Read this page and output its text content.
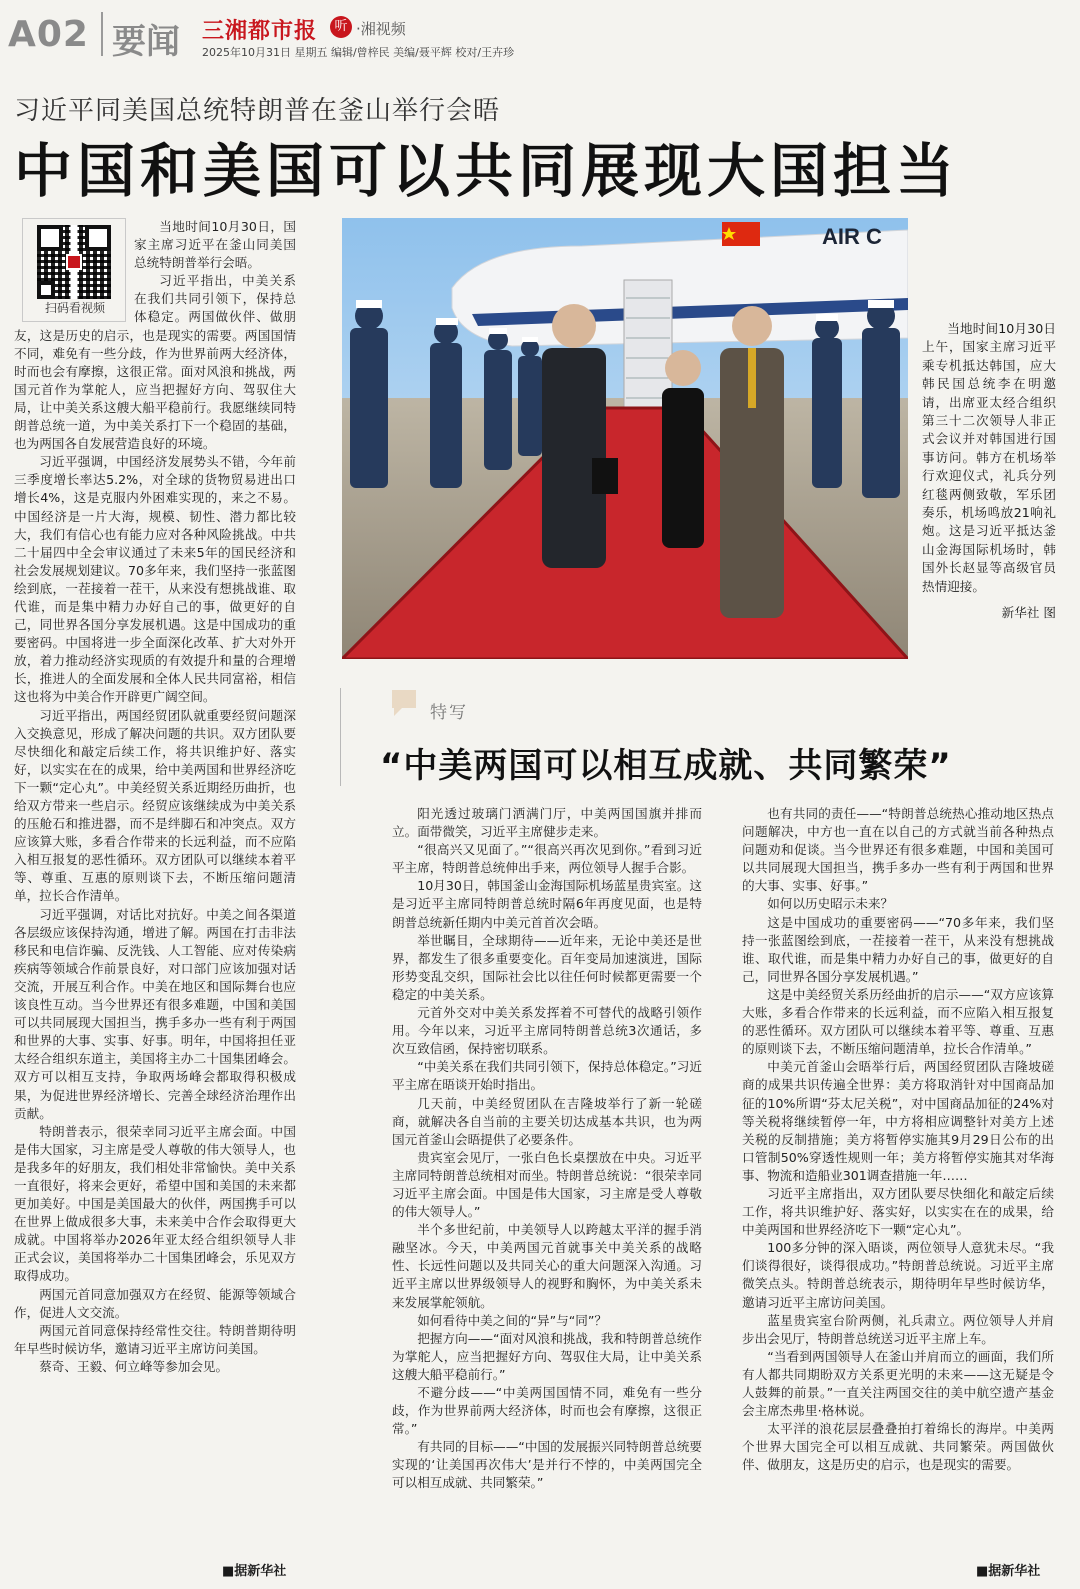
A02 要闻 三湘都市报	听 ·湘视频
2025年10月31日 星期五 编辑/曾梓民 美编/聂平辉 校对/王卉珍
习近平同美国总统特朗普在釜山举行会晤
中国和美国可以共同展现大国担当
扫码看视频

当地时间10月30日，国家主席习近平在釜山同美国总统特朗普举行会晤。

习近平指出，中美关系在我们共同引领下，保持总体稳定。两国做伙伴、做朋友，这是历史的启示，也是现实的需要。两国国情不同，难免有一些分歧，作为世界前两大经济体，时而也会有摩擦，这很正常。面对风浪和挑战，两国元首作为掌舵人，应当把握好方向、驾驭住大局，让中美关系这艘大船平稳前行。我愿继续同特朗普总统一道，为中美关系打下一个稳固的基础，也为两国各自发展营造良好的环境。

习近平强调，中国经济发展势头不错，今年前三季度增长率达5.2%，对全球的货物贸易进出口增长4%，这是克服内外困难实现的，来之不易。中国经济是一片大海，规模、韧性、潜力都比较大，我们有信心也有能力应对各种风险挑战。中共二十届四中全会审议通过了未来5年的国民经济和社会发展规划建议。70多年来，我们坚持一张蓝图绘到底，一茬接着一茬干，从来没有想挑战谁、取代谁，而是集中精力办好自己的事，做更好的自己，同世界各国分享发展机遇。这是中国成功的重要密码。中国将进一步全面深化改革、扩大对外开放，着力推动经济实现质的有效提升和量的合理增长，推进人的全面发展和全体人民共同富裕，相信这也将为中美合作开辟更广阔空间。

习近平指出，两国经贸团队就重要经贸问题深入交换意见，形成了解决问题的共识。双方团队要尽快细化和敲定后续工作，将共识维护好、落实好，以实实在在的成果，给中美两国和世界经济吃下一颗“定心丸”。中美经贸关系近期经历曲折，也给双方带来一些启示。经贸应该继续成为中美关系的压舱石和推进器，而不是绊脚石和冲突点。双方应该算大账，多看合作带来的长远利益，而不应陷入相互报复的恶性循环。双方团队可以继续本着平等、尊重、互惠的原则谈下去，不断压缩问题清单，拉长合作清单。

习近平强调，对话比对抗好。中美之间各渠道各层级应该保持沟通，增进了解。两国在打击非法移民和电信诈骗、反洗钱、人工智能、应对传染病疾病等领域合作前景良好，对口部门应该加强对话交流，开展互利合作。中美在地区和国际舞台也应该良性互动。当今世界还有很多难题，中国和美国可以共同展现大国担当，携手多办一些有利于两国和世界的大事、实事、好事。明年，中国将担任亚太经合组织东道主，美国将主办二十国集团峰会。双方可以相互支持，争取两场峰会都取得积极成果，为促进世界经济增长、完善全球经济治理作出贡献。

特朗普表示，很荣幸同习近平主席会面。中国是伟大国家，习主席是受人尊敬的伟大领导人，也是我多年的好朋友，我们相处非常愉快。美中关系一直很好，将来会更好，希望中国和美国的未来都更加美好。中国是美国最大的伙伴，两国携手可以在世界上做成很多大事，未来美中合作会取得更大成就。中国将举办2026年亚太经合组织领导人非正式会议，美国将举办二十国集团峰会，乐见双方取得成功。

两国元首同意加强双方在经贸、能源等领域合作，促进人文交流。

两国元首同意保持经常性交往。特朗普期待明年早些时候访华，邀请习近平主席访问美国。

蔡奇、王毅、何立峰等参加会见。

■据新华社
AIR C

当地时间10月30日上午，国家主席习近平乘专机抵达韩国，应大韩民国总统李在明邀请，出席亚太经合组织第三十二次领导人非正式会议并对韩国进行国事访问。韩方在机场举行欢迎仪式，礼兵分列红毯两侧致敬，军乐团奏乐，机场鸣放21响礼炮。这是习近平抵达釜山金海国际机场时，韩国外长赵显等高级官员热情迎接。

新华社 图

特写
“中美两国可以相互成就、共同繁荣”

阳光透过玻璃门洒满门厅，中美两国国旗并排而立。面带微笑，习近平主席健步走来。

“很高兴又见面了。”“很高兴再次见到你。”看到习近平主席，特朗普总统伸出手来，两位领导人握手合影。

10月30日，韩国釜山金海国际机场蓝星贵宾室。这是习近平主席同特朗普总统时隔6年再度见面，也是特朗普总统新任期内中美元首首次会晤。

举世瞩目，全球期待——近年来，无论中美还是世界，都发生了很多重要变化。百年变局加速演进，国际形势变乱交织，国际社会比以往任何时候都更需要一个稳定的中美关系。

元首外交对中美关系发挥着不可替代的战略引领作用。今年以来，习近平主席同特朗普总统3次通话，多次互致信函，保持密切联系。

“中美关系在我们共同引领下，保持总体稳定。”习近平主席在晤谈开始时指出。

几天前，中美经贸团队在吉隆坡举行了新一轮磋商，就解决各自当前的主要关切达成基本共识，也为两国元首釜山会晤提供了必要条件。

贵宾室会见厅，一张白色长桌摆放在中央。习近平主席同特朗普总统相对而坐。特朗普总统说：“很荣幸同习近平主席会面。中国是伟大国家，习主席是受人尊敬的伟大领导人。”

半个多世纪前，中美领导人以跨越太平洋的握手消融坚冰。今天，中美两国元首就事关中美关系的战略性、长远性问题以及共同关心的重大问题深入沟通。习近平主席以世界级领导人的视野和胸怀，为中美关系未来发展掌舵领航。

如何看待中美之间的“异”与“同”？

把握方向——“面对风浪和挑战，我和特朗普总统作为掌舵人，应当把握好方向、驾驭住大局，让中美关系这艘大船平稳前行。”

不避分歧——“中美两国国情不同，难免有一些分歧，作为世界前两大经济体，时而也会有摩擦，这很正常。”

有共同的目标——“中国的发展振兴同特朗普总统要实现的‘让美国再次伟大’是并行不悖的，中美两国完全可以相互成就、共同繁荣。”

也有共同的责任——“特朗普总统热心推动地区热点问题解决，中方也一直在以自己的方式就当前各种热点问题劝和促谈。当今世界还有很多难题，中国和美国可以共同展现大国担当，携手多办一些有利于两国和世界的大事、实事、好事。”

如何以历史昭示未来？

这是中国成功的重要密码——“70多年来，我们坚持一张蓝图绘到底，一茬接着一茬干，从来没有想挑战谁、取代谁，而是集中精力办好自己的事，做更好的自己，同世界各国分享发展机遇。”

这是中美经贸关系历经曲折的启示——“双方应该算大账，多看合作带来的长远利益，而不应陷入相互报复的恶性循环。双方团队可以继续本着平等、尊重、互惠的原则谈下去，不断压缩问题清单，拉长合作清单。”

中美元首釜山会晤举行后，两国经贸团队吉隆坡磋商的成果共识传遍全世界：美方将取消针对中国商品加征的10%所谓“芬太尼关税”，对中国商品加征的24%对等关税将继续暂停一年，中方将相应调整针对美方上述关税的反制措施；美方将暂停实施其9月29日公布的出口管制50%穿透性规则一年；美方将暂停实施其对华海事、物流和造船业301调查措施一年……

习近平主席指出，双方团队要尽快细化和敲定后续工作，将共识维护好、落实好，以实实在在的成果，给中美两国和世界经济吃下一颗“定心丸”。

100多分钟的深入晤谈，两位领导人意犹未尽。“我们谈得很好，谈得很成功。”特朗普总统说。习近平主席微笑点头。特朗普总统表示，期待明年早些时候访华，邀请习近平主席访问美国。

蓝星贵宾室台阶两侧，礼兵肃立。两位领导人并肩步出会见厅，特朗普总统送习近平主席上车。

“当看到两国领导人在釜山并肩而立的画面，我们所有人都共同期盼双方关系更光明的未来——这无疑是令人鼓舞的前景。”一直关注两国交往的美中航空遗产基金会主席杰弗里·格林说。

太平洋的浪花层层叠叠拍打着绵长的海岸。中美两个世界大国完全可以相互成就、共同繁荣。两国做伙伴、做朋友，这是历史的启示，也是现实的需要。

■据新华社
